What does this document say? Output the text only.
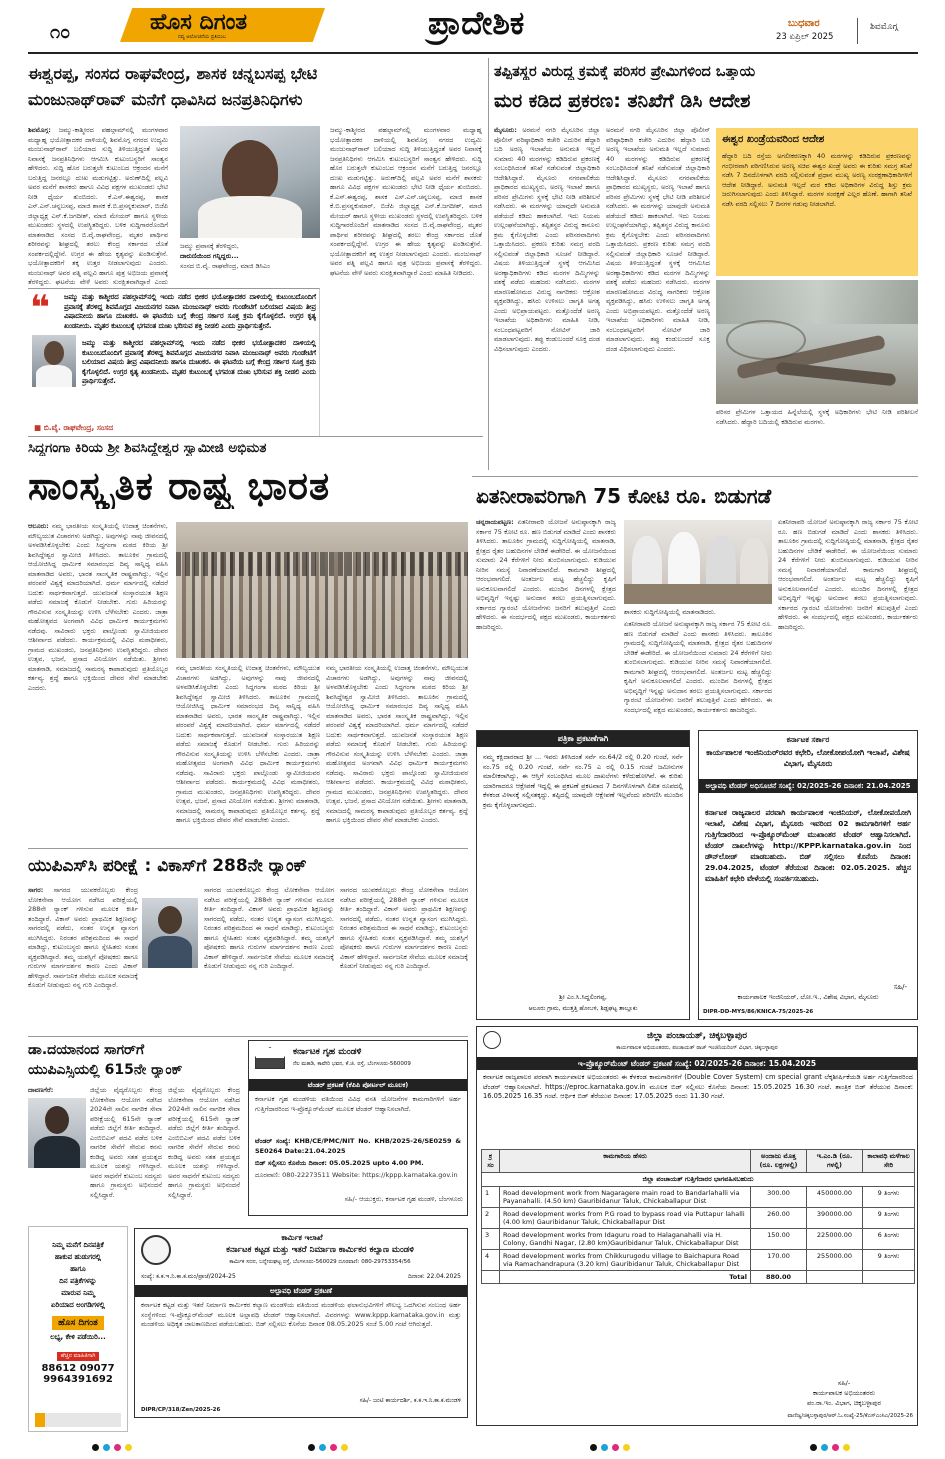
೧೦	ಹೊಸ ದಿಗಂತ
ನವ್ಯ ಆಲೋಚನೆಯ ಪ್ರತಿಬಿಂಬ	ಪ್ರಾದೇಶಿಕ	ಬುಧವಾರ
23 ಏಪ್ರಿಲ್ 2025
ಶಿವಮೊಗ್ಗ
ಈಶ್ವರಪ್ಪ, ಸಂಸದ ರಾಘವೇಂದ್ರ, ಶಾಸಕ ಚನ್ನಬಸಪ್ಪ ಭೇಟಿ
ಮಂಜುನಾಥ್‌ರಾವ್ ಮನೆಗೆ ಧಾವಿಸಿದ ಜನಪ್ರತಿನಿಧಿಗಳು
ಶಿವಮೊಗ್ಗ: ಜಮ್ಮು-ಕಾಶ್ಮೀರದ ಪಹಲ್ಗಾಮ್‌ನಲ್ಲಿ ಮಂಗಳವಾರ ಮಧ್ಯಾಹ್ನ ಭಯೋತ್ಪಾದಕರ ದಾಳಿಯಲ್ಲಿ ಶಿವಮೊಗ್ಗ ನಗರದ ಉದ್ಯಮಿ ಮಂಜುನಾಥ್‌ರಾವ್ ಬಲಿಯಾದ ಸುದ್ದಿ ತಿಳಿಯುತ್ತಿದ್ದಂತೆ ಅವರ ನಿವಾಸಕ್ಕೆ ಜನಪ್ರತಿನಿಧಿಗಳು ಆಗಮಿಸಿ ಕುಟುಂಬಸ್ಥರಿಗೆ ಸಾಂತ್ವನ ಹೇಳಿದರು. ಸುದ್ದಿ ಹೊರ ಬರುತ್ತಲೇ ಕುಟುಂಬದ ಆಕ್ರಂದನ ಮನೆಗೆ ಬರುತ್ತಿದ್ದ ಜನರಲ್ಲೂ ದುಃಖ ಮಡುಗಟ್ಟಿತ್ತು. ಅರುಣ್‌ದಿಲ್ಲಿ ಪಲ್ಲವಿ ಅವರ ಮನೆಗೆ ಶಾಸಕರು ಹಾಗೂ ವಿವಿಧ ಪಕ್ಷಗಳ ಮುಖಂಡರು ಭೇಟಿ ನೀಡಿ ಧೈರ್ಯ ತುಂಬಿದರು. ಕೆ.ಎಸ್.ಈಶ್ವರಪ್ಪ, ಶಾಸಕ ಎಸ್.ಎನ್.ಚನ್ನಬಸಪ್ಪ, ಮಾಜಿ ಶಾಸಕ ಕೆ.ಬಿ.ಪ್ರಸನ್ನಕುಮಾರ್, ಬಿಜೆಪಿ ಜಿಲ್ಲಾಧ್ಯಕ್ಷ ಎನ್.ಕೆ.ಜಗದೀಶ್, ಮಾಜಿ ಮೇಯರ್ ಹಾಗೂ ಸ್ಥಳೀಯ ಮುಖಂಡರು ಸ್ಥಳದಲ್ಲಿ ಉಪಸ್ಥಿತರಿದ್ದರು. ಬಳಿಕ ಸುದ್ದಿಗಾರರೊಂದಿಗೆ ಮಾತನಾಡಿದ ಸಂಸದ ಬಿ.ವೈ.ರಾಘವೇಂದ್ರ, ಮೃತರ ಪಾರ್ಥಿವ ಶರೀರವನ್ನು ಶೀಘ್ರದಲ್ಲಿ ತರಲು ಕೇಂದ್ರ ಸರ್ಕಾರದ ಜೊತೆ ಸಂಪರ್ಕದಲ್ಲಿದ್ದೇನೆ. ಉಗ್ರರ ಈ ಹೇಯ ಕೃತ್ಯವನ್ನು ಖಂಡಿಸುತ್ತೇನೆ. ಭಯೋತ್ಪಾದಕರಿಗೆ ತಕ್ಕ ಉತ್ತರ ನೀಡಲಾಗುವುದು ಎಂದರು. ಮಂಜುನಾಥ್ ಅವರ ಪತ್ನಿ ಪಲ್ಲವಿ ಹಾಗೂ ಪುತ್ರ ಅಭಿಜಯ ಪ್ರವಾಸಕ್ಕೆ ತೆರಳಿದ್ದರು. ಘಟನೆಯ ವೇಳೆ ಅವರು ಸುರಕ್ಷಿತವಾಗಿದ್ದಾರೆ ಎಂದು
ಜಮ್ಮು ಪ್ರವಾಸಕ್ಕೆ ತೆರಳಿದ್ದರು,
ದಾರುಣಿಯಿಂದ ಗನ್ನಿದ್ದರು...
ಸಂಸದ ಬಿ.ವೈ. ರಾಘವೇಂದ್ರ, ಮಾಜಿ ಡಿಸಿಎಂ
ಜಮ್ಮು-ಕಾಶ್ಮೀರದ ಪಹಲ್ಗಾಮ್‌ನಲ್ಲಿ ಮಂಗಳವಾರ ಮಧ್ಯಾಹ್ನ ಭಯೋತ್ಪಾದಕರ ದಾಳಿಯಲ್ಲಿ ಶಿವಮೊಗ್ಗ ನಗರದ ಉದ್ಯಮಿ ಮಂಜುನಾಥ್‌ರಾವ್ ಬಲಿಯಾದ ಸುದ್ದಿ ತಿಳಿಯುತ್ತಿದ್ದಂತೆ ಅವರ ನಿವಾಸಕ್ಕೆ ಜನಪ್ರತಿನಿಧಿಗಳು ಆಗಮಿಸಿ ಕುಟುಂಬಸ್ಥರಿಗೆ ಸಾಂತ್ವನ ಹೇಳಿದರು. ಸುದ್ದಿ ಹೊರ ಬರುತ್ತಲೇ ಕುಟುಂಬದ ಆಕ್ರಂದನ ಮನೆಗೆ ಬರುತ್ತಿದ್ದ ಜನರಲ್ಲೂ ದುಃಖ ಮಡುಗಟ್ಟಿತ್ತು. ಅರುಣ್‌ದಿಲ್ಲಿ ಪಲ್ಲವಿ ಅವರ ಮನೆಗೆ ಶಾಸಕರು ಹಾಗೂ ವಿವಿಧ ಪಕ್ಷಗಳ ಮುಖಂಡರು ಭೇಟಿ ನೀಡಿ ಧೈರ್ಯ ತುಂಬಿದರು. ಕೆ.ಎಸ್.ಈಶ್ವರಪ್ಪ, ಶಾಸಕ ಎಸ್.ಎನ್.ಚನ್ನಬಸಪ್ಪ, ಮಾಜಿ ಶಾಸಕ ಕೆ.ಬಿ.ಪ್ರಸನ್ನಕುಮಾರ್, ಬಿಜೆಪಿ ಜಿಲ್ಲಾಧ್ಯಕ್ಷ ಎನ್.ಕೆ.ಜಗದೀಶ್, ಮಾಜಿ ಮೇಯರ್ ಹಾಗೂ ಸ್ಥಳೀಯ ಮುಖಂಡರು ಸ್ಥಳದಲ್ಲಿ ಉಪಸ್ಥಿತರಿದ್ದರು. ಬಳಿಕ ಸುದ್ದಿಗಾರರೊಂದಿಗೆ ಮಾತನಾಡಿದ ಸಂಸದ ಬಿ.ವೈ.ರಾಘವೇಂದ್ರ, ಮೃತರ ಪಾರ್ಥಿವ ಶರೀರವನ್ನು ಶೀಘ್ರದಲ್ಲಿ ತರಲು ಕೇಂದ್ರ ಸರ್ಕಾರದ ಜೊತೆ ಸಂಪರ್ಕದಲ್ಲಿದ್ದೇನೆ. ಉಗ್ರರ ಈ ಹೇಯ ಕೃತ್ಯವನ್ನು ಖಂಡಿಸುತ್ತೇನೆ. ಭಯೋತ್ಪಾದಕರಿಗೆ ತಕ್ಕ ಉತ್ತರ ನೀಡಲಾಗುವುದು ಎಂದರು. ಮಂಜುನಾಥ್ ಅವರ ಪತ್ನಿ ಪಲ್ಲವಿ ಹಾಗೂ ಪುತ್ರ ಅಭಿಜಯ ಪ್ರವಾಸಕ್ಕೆ ತೆರಳಿದ್ದರು. ಘಟನೆಯ ವೇಳೆ ಅವರು ಸುರಕ್ಷಿತವಾಗಿದ್ದಾರೆ ಎಂದು ಮಾಹಿತಿ ನೀಡಿದರು.
❝ ಜಮ್ಮು ಮತ್ತು ಕಾಶ್ಮೀರದ ಪಹಲ್ಗಾಮ್‌ನಲ್ಲಿ ಇಂದು ನಡೆದ ಭೀಕರ ಭಯೋತ್ಪಾದಕರ ದಾಳಿಯಲ್ಲಿ ಕುಟುಂಬದೊಂದಿಗೆ ಪ್ರವಾಸಕ್ಕೆ ತೆರಳಿದ್ದ ಶಿವಮೊಗ್ಗದ ವಿಜಯನಗರ ನಿವಾಸಿ ಮಂಜುನಾಥ್ ಅವರು ಗುಂಡೇಟಿಗೆ ಬಲಿಯಾದ ವಿಷಯ ತೀವ್ರ ವಿಷಾದನೀಯ ಹಾಗೂ ದುಃಖಕರ. ಈ ಘಟನೆಯ ಬಗ್ಗೆ ಕೇಂದ್ರ ಸರ್ಕಾರ ಸೂಕ್ತ ಕ್ರಮ ಕೈಗೊಳ್ಳಲಿದೆ. ಉಗ್ರರ ಕೃತ್ಯ ಖಂಡನೀಯ. ಮೃತರ ಕುಟುಂಬಕ್ಕೆ ಭಗವಂತ ದುಃಖ ಭರಿಸುವ ಶಕ್ತಿ ನೀಡಲಿ ಎಂದು ಪ್ರಾರ್ಥಿಸುತ್ತೇನೆ.
ಜಮ್ಮು ಮತ್ತು ಕಾಶ್ಮೀರದ ಪಹಲ್ಗಾಮ್‌ನಲ್ಲಿ ಇಂದು ನಡೆದ ಭೀಕರ ಭಯೋತ್ಪಾದಕರ ದಾಳಿಯಲ್ಲಿ ಕುಟುಂಬದೊಂದಿಗೆ ಪ್ರವಾಸಕ್ಕೆ ತೆರಳಿದ್ದ ಶಿವಮೊಗ್ಗದ ವಿಜಯನಗರ ನಿವಾಸಿ ಮಂಜುನಾಥ್ ಅವರು ಗುಂಡೇಟಿಗೆ ಬಲಿಯಾದ ವಿಷಯ ತೀವ್ರ ವಿಷಾದನೀಯ ಹಾಗೂ ದುಃಖಕರ. ಈ ಘಟನೆಯ ಬಗ್ಗೆ ಕೇಂದ್ರ ಸರ್ಕಾರ ಸೂಕ್ತ ಕ್ರಮ ಕೈಗೊಳ್ಳಲಿದೆ. ಉಗ್ರರ ಕೃತ್ಯ ಖಂಡನೀಯ. ಮೃತರ ಕುಟುಂಬಕ್ಕೆ ಭಗವಂತ ದುಃಖ ಭರಿಸುವ ಶಕ್ತಿ ನೀಡಲಿ ಎಂದು ಪ್ರಾರ್ಥಿಸುತ್ತೇನೆ.
■ ಬಿ.ವೈ. ರಾಘವೇಂದ್ರ, ಸಂಸದ
ತಪ್ಪಿತಸ್ಥರ ವಿರುದ್ಧ ಕ್ರಮಕ್ಕೆ ಪರಿಸರ ಪ್ರೇಮಿಗಳಿಂದ ಒತ್ತಾಯ
ಮರ ಕಡಿದ ಪ್ರಕರಣ: ತನಿಖೆಗೆ ಡಿಸಿ ಆದೇಶ
ಮೈಸೂರು: ಅರಮನೆ ನಗರಿ ಮೈಸೂರಿನ ಜಿಲ್ಲಾ ಪೊಲೀಸ್ ವರಿಷ್ಠಾಧಿಕಾರಿ ಕಚೇರಿ ಎದುರಿನ ಹೆದ್ದಾರಿ ಬದಿ ಅರಣ್ಯ ಇಲಾಖೆಯ ಅನುಮತಿ ಇಲ್ಲದೆ ಸುಮಾರು 40 ಮರಗಳನ್ನು ಕಡಿದಿರುವ ಪ್ರಕರಣಕ್ಕೆ ಸಂಬಂಧಿಸಿದಂತೆ ತನಿಖೆ ನಡೆಸುವಂತೆ ಜಿಲ್ಲಾಧಿಕಾರಿ ಆದೇಶಿಸಿದ್ದಾರೆ. ಮೈಸೂರು ನಗರಪಾಲಿಕೆಯ ಪ್ರಾಧಿಕಾರದ ಮುಖ್ಯಸ್ಥರು, ಅರಣ್ಯ ಇಲಾಖೆ ಹಾಗೂ ಪರಿಸರ ಪ್ರೇಮಿಗಳು ಸ್ಥಳಕ್ಕೆ ಭೇಟಿ ನೀಡಿ ಪರಿಶೀಲನೆ ನಡೆಸಿದರು. ಈ ಮರಗಳನ್ನು ಯಾವುದೇ ಅನುಮತಿ ಪಡೆಯದೆ ಕಡಿದು ಹಾಕಲಾಗಿದೆ. ಇದು ನಿಯಮ ಉಲ್ಲಂಘನೆಯಾಗಿದ್ದು, ತಪ್ಪಿತಸ್ಥರ ವಿರುದ್ಧ ಕಾನೂನು ಕ್ರಮ ಕೈಗೊಳ್ಳಬೇಕು ಎಂದು ಪರಿಸರವಾದಿಗಳು ಒತ್ತಾಯಿಸಿದರು. ಪ್ರಕರಣ ಕುರಿತು ಸಮಗ್ರ ವರದಿ ಸಲ್ಲಿಸುವಂತೆ ಜಿಲ್ಲಾಧಿಕಾರಿ ಸೂಚನೆ ನೀಡಿದ್ದಾರೆ. ವಿಷಯ ತಿಳಿಯುತ್ತಿದ್ದಂತೆ ಸ್ಥಳಕ್ಕೆ ಆಗಮಿಸಿದ ಅರಣ್ಯಾಧಿಕಾರಿಗಳು ಕಡಿದ ಮರಗಳ ದಿಮ್ಮಿಗಳನ್ನು ವಶಕ್ಕೆ ಪಡೆದು ಮಹಜರು ನಡೆಸಿದರು. ಮರಗಳ ಮಾರಣಹೋಮದ ವಿರುದ್ಧ ನಾಗರಿಕರು ಆಕ್ರೋಶ ವ್ಯಕ್ತಪಡಿಸಿದ್ದು, ಹಸಿರು ಉಳಿಸಲು ಜಾಗೃತಿ ಅಗತ್ಯ ಎಂದು ಅಭಿಪ್ರಾಯಪಟ್ಟರು. ಮತ್ತೊಂದೆಡೆ ಅರಣ್ಯ ಇಲಾಖೆಯ ಅಧಿಕಾರಿಗಳು ಮಾಹಿತಿ ನೀಡಿ, ಸಂಬಂಧಪಟ್ಟವರಿಗೆ ನೋಟಿಸ್ ಜಾರಿ ಮಾಡಲಾಗುವುದು. ತಪ್ಪು ಕಂಡುಬಂದರೆ ಸೂಕ್ತ ದಂಡ ವಿಧಿಸಲಾಗುವುದು ಎಂದರು.
ಅರಮನೆ ನಗರಿ ಮೈಸೂರಿನ ಜಿಲ್ಲಾ ಪೊಲೀಸ್ ವರಿಷ್ಠಾಧಿಕಾರಿ ಕಚೇರಿ ಎದುರಿನ ಹೆದ್ದಾರಿ ಬದಿ ಅರಣ್ಯ ಇಲಾಖೆಯ ಅನುಮತಿ ಇಲ್ಲದೆ ಸುಮಾರು 40 ಮರಗಳನ್ನು ಕಡಿದಿರುವ ಪ್ರಕರಣಕ್ಕೆ ಸಂಬಂಧಿಸಿದಂತೆ ತನಿಖೆ ನಡೆಸುವಂತೆ ಜಿಲ್ಲಾಧಿಕಾರಿ ಆದೇಶಿಸಿದ್ದಾರೆ. ಮೈಸೂರು ನಗರಪಾಲಿಕೆಯ ಪ್ರಾಧಿಕಾರದ ಮುಖ್ಯಸ್ಥರು, ಅರಣ್ಯ ಇಲಾಖೆ ಹಾಗೂ ಪರಿಸರ ಪ್ರೇಮಿಗಳು ಸ್ಥಳಕ್ಕೆ ಭೇಟಿ ನೀಡಿ ಪರಿಶೀಲನೆ ನಡೆಸಿದರು. ಈ ಮರಗಳನ್ನು ಯಾವುದೇ ಅನುಮತಿ ಪಡೆಯದೆ ಕಡಿದು ಹಾಕಲಾಗಿದೆ. ಇದು ನಿಯಮ ಉಲ್ಲಂಘನೆಯಾಗಿದ್ದು, ತಪ್ಪಿತಸ್ಥರ ವಿರುದ್ಧ ಕಾನೂನು ಕ್ರಮ ಕೈಗೊಳ್ಳಬೇಕು ಎಂದು ಪರಿಸರವಾದಿಗಳು ಒತ್ತಾಯಿಸಿದರು. ಪ್ರಕರಣ ಕುರಿತು ಸಮಗ್ರ ವರದಿ ಸಲ್ಲಿಸುವಂತೆ ಜಿಲ್ಲಾಧಿಕಾರಿ ಸೂಚನೆ ನೀಡಿದ್ದಾರೆ. ವಿಷಯ ತಿಳಿಯುತ್ತಿದ್ದಂತೆ ಸ್ಥಳಕ್ಕೆ ಆಗಮಿಸಿದ ಅರಣ್ಯಾಧಿಕಾರಿಗಳು ಕಡಿದ ಮರಗಳ ದಿಮ್ಮಿಗಳನ್ನು ವಶಕ್ಕೆ ಪಡೆದು ಮಹಜರು ನಡೆಸಿದರು. ಮರಗಳ ಮಾರಣಹೋಮದ ವಿರುದ್ಧ ನಾಗರಿಕರು ಆಕ್ರೋಶ ವ್ಯಕ್ತಪಡಿಸಿದ್ದು, ಹಸಿರು ಉಳಿಸಲು ಜಾಗೃತಿ ಅಗತ್ಯ ಎಂದು ಅಭಿಪ್ರಾಯಪಟ್ಟರು. ಮತ್ತೊಂದೆಡೆ ಅರಣ್ಯ ಇಲಾಖೆಯ ಅಧಿಕಾರಿಗಳು ಮಾಹಿತಿ ನೀಡಿ, ಸಂಬಂಧಪಟ್ಟವರಿಗೆ ನೋಟಿಸ್ ಜಾರಿ ಮಾಡಲಾಗುವುದು. ತಪ್ಪು ಕಂಡುಬಂದರೆ ಸೂಕ್ತ ದಂಡ ವಿಧಿಸಲಾಗುವುದು ಎಂದರು.
ಈಶ್ವರ ಖಂಡ್ರೆಯವರಿಂದ ಆದೇಶ
ಹೆದ್ದಾರಿ ಬದಿ ರಸ್ತೆಯ ಅಗಲೀಕರಣಕ್ಕಾಗಿ 40 ಮರಗಳನ್ನು ಕಡಿದಿರುವ ಪ್ರಕರಣವನ್ನು ಗಂಭೀರವಾಗಿ ಪರಿಗಣಿಸಿರುವ ಅರಣ್ಯ ಸಚಿವ ಈಶ್ವರ ಖಂಡ್ರೆ ಅವರು ಈ ಕುರಿತು ಸಮಗ್ರ ತನಿಖೆ ನಡೆಸಿ 7 ದಿನದೊಳಗಾಗಿ ವರದಿ ಸಲ್ಲಿಸುವಂತೆ ಪ್ರಧಾನ ಮುಖ್ಯ ಅರಣ್ಯ ಸಂರಕ್ಷಣಾಧಿಕಾರಿಗಳಿಗೆ ಆದೇಶ ನೀಡಿದ್ದಾರೆ. ಅನುಮತಿ ಇಲ್ಲದೆ ಮರ ಕಡಿದ ಅಧಿಕಾರಿಗಳ ವಿರುದ್ಧ ಶಿಸ್ತು ಕ್ರಮ ಜರುಗಿಸಲಾಗುವುದು ಎಂದು ತಿಳಿಸಿದ್ದಾರೆ. ಮರಗಳ ಸಂರಕ್ಷಣೆ ಎಲ್ಲರ ಹೊಣೆ. ಹಾಗಾಗಿ ತನಿಖೆ ನಡೆಸಿ ವರದಿ ಸಲ್ಲಿಸಲು 7 ದಿನಗಳ ಗಡುವು ನೀಡಲಾಗಿದೆ.
ಪರಿಸರ ಪ್ರೇಮಿಗಳ ಒತ್ತಾಯದ ಹಿನ್ನೆಲೆಯಲ್ಲಿ ಸ್ಥಳಕ್ಕೆ ಅಧಿಕಾರಿಗಳು ಭೇಟಿ ನೀಡಿ ಪರಿಶೀಲನೆ ನಡೆಸಿದರು. ಹೆದ್ದಾರಿ ಬದಿಯಲ್ಲಿ ಕಡಿದಿರುವ ಮರಗಳು.
ಸಿದ್ಧಗಂಗಾ ಕಿರಿಯ ಶ್ರೀ ಶಿವಸಿದ್ದೇಶ್ವರ ಸ್ವಾಮೀಜಿ ಅಭಿಮತ
ಸಾಂಸ್ಕೃತಿಕ ರಾಷ್ಟ್ರ ಭಾರತ
ಆಲೂರು: ನಮ್ಮ ಭಾರತೀಯ ಸಂಸ್ಕೃತಿಯಲ್ಲಿ ಉದಾತ್ತ ಚಿಂತನೆಗಳು, ಮೌಲ್ಯಯುತ ವಿಚಾರಗಳು ಅಡಗಿದ್ದು, ಅವುಗಳನ್ನು ನಾವು ಜೀವನದಲ್ಲಿ ಅಳವಡಿಸಿಕೊಳ್ಳಬೇಕು ಎಂದು ಸಿದ್ಧಗಂಗಾ ಮಠದ ಕಿರಿಯ ಶ್ರೀ ಶಿವಸಿದ್ದೇಶ್ವರ ಸ್ವಾಮೀಜಿ ತಿಳಿಸಿದರು. ತಾಲೂಕಿನ ಗ್ರಾಮದಲ್ಲಿ ಆಯೋಜಿಸಿದ್ದ ಧಾರ್ಮಿಕ ಸಮಾರಂಭದ ದಿವ್ಯ ಸಾನ್ನಿಧ್ಯ ವಹಿಸಿ ಮಾತನಾಡಿದ ಅವರು, ಭಾರತ ಸಾಂಸ್ಕೃತಿಕ ರಾಷ್ಟ್ರವಾಗಿದ್ದು, ಇಲ್ಲಿನ ಪರಂಪರೆ ವಿಶ್ವಕ್ಕೆ ಮಾದರಿಯಾಗಿದೆ. ಧರ್ಮ ಮಾರ್ಗದಲ್ಲಿ ನಡೆದರೆ ಬದುಕು ಸಾರ್ಥಕವಾಗುತ್ತದೆ. ಯುವಜನತೆ ಸಂಸ್ಕಾರಯುತ ಶಿಕ್ಷಣ ಪಡೆದು ಸಮಾಜಕ್ಕೆ ಕೊಡುಗೆ ನೀಡಬೇಕು. ಗುರು ಹಿರಿಯರನ್ನು ಗೌರವಿಸುವ ಸಂಸ್ಕೃತಿಯನ್ನು ಉಳಿಸಿ ಬೆಳೆಸಬೇಕು ಎಂದರು. ಜಾತ್ರಾ ಮಹೋತ್ಸವದ ಅಂಗವಾಗಿ ವಿವಿಧ ಧಾರ್ಮಿಕ ಕಾರ್ಯಕ್ರಮಗಳು ನಡೆದವು. ಸಾವಿರಾರು ಭಕ್ತರು ಪಾಲ್ಗೊಂಡು ಸ್ವಾಮೀಜಿಯವರ ಆಶೀರ್ವಾದ ಪಡೆದರು. ಕಾರ್ಯಕ್ರಮದಲ್ಲಿ ವಿವಿಧ ಮಠಾಧೀಶರು, ಗ್ರಾಮದ ಮುಖಂಡರು, ಜನಪ್ರತಿನಿಧಿಗಳು ಉಪಸ್ಥಿತರಿದ್ದರು. ದೇವರ ಉತ್ಸವ, ಭಜನೆ, ಪ್ರಸಾದ ವಿನಿಯೋಗ ನಡೆಯಿತು. ಶ್ರೀಗಳು ಮಾತನಾಡಿ, ಸಮಾಜದಲ್ಲಿ ಸಾಮರಸ್ಯ ಕಾಪಾಡುವುದು ಪ್ರತಿಯೊಬ್ಬರ ಕರ್ತವ್ಯ. ಶ್ರದ್ಧೆ ಹಾಗೂ ಭಕ್ತಿಯಿಂದ ದೇವರ ಸೇವೆ ಮಾಡಬೇಕು ಎಂದರು.
ನಮ್ಮ ಭಾರತೀಯ ಸಂಸ್ಕೃತಿಯಲ್ಲಿ ಉದಾತ್ತ ಚಿಂತನೆಗಳು, ಮೌಲ್ಯಯುತ ವಿಚಾರಗಳು ಅಡಗಿದ್ದು, ಅವುಗಳನ್ನು ನಾವು ಜೀವನದಲ್ಲಿ ಅಳವಡಿಸಿಕೊಳ್ಳಬೇಕು ಎಂದು ಸಿದ್ಧಗಂಗಾ ಮಠದ ಕಿರಿಯ ಶ್ರೀ ಶಿವಸಿದ್ದೇಶ್ವರ ಸ್ವಾಮೀಜಿ ತಿಳಿಸಿದರು. ತಾಲೂಕಿನ ಗ್ರಾಮದಲ್ಲಿ ಆಯೋಜಿಸಿದ್ದ ಧಾರ್ಮಿಕ ಸಮಾರಂಭದ ದಿವ್ಯ ಸಾನ್ನಿಧ್ಯ ವಹಿಸಿ ಮಾತನಾಡಿದ ಅವರು, ಭಾರತ ಸಾಂಸ್ಕೃತಿಕ ರಾಷ್ಟ್ರವಾಗಿದ್ದು, ಇಲ್ಲಿನ ಪರಂಪರೆ ವಿಶ್ವಕ್ಕೆ ಮಾದರಿಯಾಗಿದೆ. ಧರ್ಮ ಮಾರ್ಗದಲ್ಲಿ ನಡೆದರೆ ಬದುಕು ಸಾರ್ಥಕವಾಗುತ್ತದೆ. ಯುವಜನತೆ ಸಂಸ್ಕಾರಯುತ ಶಿಕ್ಷಣ ಪಡೆದು ಸಮಾಜಕ್ಕೆ ಕೊಡುಗೆ ನೀಡಬೇಕು. ಗುರು ಹಿರಿಯರನ್ನು ಗೌರವಿಸುವ ಸಂಸ್ಕೃತಿಯನ್ನು ಉಳಿಸಿ ಬೆಳೆಸಬೇಕು ಎಂದರು. ಜಾತ್ರಾ ಮಹೋತ್ಸವದ ಅಂಗವಾಗಿ ವಿವಿಧ ಧಾರ್ಮಿಕ ಕಾರ್ಯಕ್ರಮಗಳು ನಡೆದವು. ಸಾವಿರಾರು ಭಕ್ತರು ಪಾಲ್ಗೊಂಡು ಸ್ವಾಮೀಜಿಯವರ ಆಶೀರ್ವಾದ ಪಡೆದರು. ಕಾರ್ಯಕ್ರಮದಲ್ಲಿ ವಿವಿಧ ಮಠಾಧೀಶರು, ಗ್ರಾಮದ ಮುಖಂಡರು, ಜನಪ್ರತಿನಿಧಿಗಳು ಉಪಸ್ಥಿತರಿದ್ದರು. ದೇವರ ಉತ್ಸವ, ಭಜನೆ, ಪ್ರಸಾದ ವಿನಿಯೋಗ ನಡೆಯಿತು. ಶ್ರೀಗಳು ಮಾತನಾಡಿ, ಸಮಾಜದಲ್ಲಿ ಸಾಮರಸ್ಯ ಕಾಪಾಡುವುದು ಪ್ರತಿಯೊಬ್ಬರ ಕರ್ತವ್ಯ. ಶ್ರದ್ಧೆ ಹಾಗೂ ಭಕ್ತಿಯಿಂದ ದೇವರ ಸೇವೆ ಮಾಡಬೇಕು ಎಂದರು.
ನಮ್ಮ ಭಾರತೀಯ ಸಂಸ್ಕೃತಿಯಲ್ಲಿ ಉದಾತ್ತ ಚಿಂತನೆಗಳು, ಮೌಲ್ಯಯುತ ವಿಚಾರಗಳು ಅಡಗಿದ್ದು, ಅವುಗಳನ್ನು ನಾವು ಜೀವನದಲ್ಲಿ ಅಳವಡಿಸಿಕೊಳ್ಳಬೇಕು ಎಂದು ಸಿದ್ಧಗಂಗಾ ಮಠದ ಕಿರಿಯ ಶ್ರೀ ಶಿವಸಿದ್ದೇಶ್ವರ ಸ್ವಾಮೀಜಿ ತಿಳಿಸಿದರು. ತಾಲೂಕಿನ ಗ್ರಾಮದಲ್ಲಿ ಆಯೋಜಿಸಿದ್ದ ಧಾರ್ಮಿಕ ಸಮಾರಂಭದ ದಿವ್ಯ ಸಾನ್ನಿಧ್ಯ ವಹಿಸಿ ಮಾತನಾಡಿದ ಅವರು, ಭಾರತ ಸಾಂಸ್ಕೃತಿಕ ರಾಷ್ಟ್ರವಾಗಿದ್ದು, ಇಲ್ಲಿನ ಪರಂಪರೆ ವಿಶ್ವಕ್ಕೆ ಮಾದರಿಯಾಗಿದೆ. ಧರ್ಮ ಮಾರ್ಗದಲ್ಲಿ ನಡೆದರೆ ಬದುಕು ಸಾರ್ಥಕವಾಗುತ್ತದೆ. ಯುವಜನತೆ ಸಂಸ್ಕಾರಯುತ ಶಿಕ್ಷಣ ಪಡೆದು ಸಮಾಜಕ್ಕೆ ಕೊಡುಗೆ ನೀಡಬೇಕು. ಗುರು ಹಿರಿಯರನ್ನು ಗೌರವಿಸುವ ಸಂಸ್ಕೃತಿಯನ್ನು ಉಳಿಸಿ ಬೆಳೆಸಬೇಕು ಎಂದರು. ಜಾತ್ರಾ ಮಹೋತ್ಸವದ ಅಂಗವಾಗಿ ವಿವಿಧ ಧಾರ್ಮಿಕ ಕಾರ್ಯಕ್ರಮಗಳು ನಡೆದವು. ಸಾವಿರಾರು ಭಕ್ತರು ಪಾಲ್ಗೊಂಡು ಸ್ವಾಮೀಜಿಯವರ ಆಶೀರ್ವಾದ ಪಡೆದರು. ಕಾರ್ಯಕ್ರಮದಲ್ಲಿ ವಿವಿಧ ಮಠಾಧೀಶರು, ಗ್ರಾಮದ ಮುಖಂಡರು, ಜನಪ್ರತಿನಿಧಿಗಳು ಉಪಸ್ಥಿತರಿದ್ದರು. ದೇವರ ಉತ್ಸವ, ಭಜನೆ, ಪ್ರಸಾದ ವಿನಿಯೋಗ ನಡೆಯಿತು. ಶ್ರೀಗಳು ಮಾತನಾಡಿ, ಸಮಾಜದಲ್ಲಿ ಸಾಮರಸ್ಯ ಕಾಪಾಡುವುದು ಪ್ರತಿಯೊಬ್ಬರ ಕರ್ತವ್ಯ. ಶ್ರದ್ಧೆ ಹಾಗೂ ಭಕ್ತಿಯಿಂದ ದೇವರ ಸೇವೆ ಮಾಡಬೇಕು ಎಂದರು.
ಏತನೀರಾವರಿಗಾಗಿ 75 ಕೋಟಿ ರೂ. ಬಿಡುಗಡೆ
ಚನ್ನರಾಯಪಟ್ಟಣ: ಏತನೀರಾವರಿ ಯೋಜನೆ ಅನುಷ್ಠಾನಕ್ಕಾಗಿ ರಾಜ್ಯ ಸರ್ಕಾರ 75 ಕೋಟಿ ರೂ. ಹಣ ಬಿಡುಗಡೆ ಮಾಡಿದೆ ಎಂದು ಶಾಸಕರು ತಿಳಿಸಿದರು. ತಾಲೂಕಿನ ಗ್ರಾಮದಲ್ಲಿ ಸುದ್ದಿಗೋಷ್ಠಿಯಲ್ಲಿ ಮಾತನಾಡಿ, ಕ್ಷೇತ್ರದ ರೈತರ ಬಹುದಿನಗಳ ಬೇಡಿಕೆ ಈಡೇರಿದೆ. ಈ ಯೋಜನೆಯಿಂದ ಸುಮಾರು 24 ಕೆರೆಗಳಿಗೆ ನೀರು ತುಂಬಿಸಲಾಗುವುದು. ಕುಡಿಯುವ ನೀರಿನ ಸಮಸ್ಯೆ ನಿವಾರಣೆಯಾಗಲಿದೆ. ಕಾಮಗಾರಿ ಶೀಘ್ರದಲ್ಲಿ ಆರಂಭವಾಗಲಿದೆ. ಅಂತರ್ಜಲ ಮಟ್ಟ ಹೆಚ್ಚಲಿದ್ದು ಕೃಷಿಗೆ ಅನುಕೂಲವಾಗಲಿದೆ ಎಂದರು. ಮುಂದಿನ ದಿನಗಳಲ್ಲಿ ಕ್ಷೇತ್ರದ ಅಭಿವೃದ್ಧಿಗೆ ಇನ್ನಷ್ಟು ಅನುದಾನ ತರಲು ಪ್ರಯತ್ನಿಸಲಾಗುವುದು. ಸರ್ಕಾರದ ಗ್ಯಾರಂಟಿ ಯೋಜನೆಗಳು ಜನರಿಗೆ ತಲುಪುತ್ತಿವೆ ಎಂದು ಹೇಳಿದರು. ಈ ಸಂದರ್ಭದಲ್ಲಿ ಪಕ್ಷದ ಮುಖಂಡರು, ಕಾರ್ಯಕರ್ತರು ಹಾಜರಿದ್ದರು.
ಶಾಸಕರು ಸುದ್ದಿಗೋಷ್ಠಿಯಲ್ಲಿ ಮಾತನಾಡಿದರು.
ಏತನೀರಾವರಿ ಯೋಜನೆ ಅನುಷ್ಠಾನಕ್ಕಾಗಿ ರಾಜ್ಯ ಸರ್ಕಾರ 75 ಕೋಟಿ ರೂ. ಹಣ ಬಿಡುಗಡೆ ಮಾಡಿದೆ ಎಂದು ಶಾಸಕರು ತಿಳಿಸಿದರು. ತಾಲೂಕಿನ ಗ್ರಾಮದಲ್ಲಿ ಸುದ್ದಿಗೋಷ್ಠಿಯಲ್ಲಿ ಮಾತನಾಡಿ, ಕ್ಷೇತ್ರದ ರೈತರ ಬಹುದಿನಗಳ ಬೇಡಿಕೆ ಈಡೇರಿದೆ. ಈ ಯೋಜನೆಯಿಂದ ಸುಮಾರು 24 ಕೆರೆಗಳಿಗೆ ನೀರು ತುಂಬಿಸಲಾಗುವುದು. ಕುಡಿಯುವ ನೀರಿನ ಸಮಸ್ಯೆ ನಿವಾರಣೆಯಾಗಲಿದೆ. ಕಾಮಗಾರಿ ಶೀಘ್ರದಲ್ಲಿ ಆರಂಭವಾಗಲಿದೆ. ಅಂತರ್ಜಲ ಮಟ್ಟ ಹೆಚ್ಚಲಿದ್ದು ಕೃಷಿಗೆ ಅನುಕೂಲವಾಗಲಿದೆ ಎಂದರು. ಮುಂದಿನ ದಿನಗಳಲ್ಲಿ ಕ್ಷೇತ್ರದ ಅಭಿವೃದ್ಧಿಗೆ ಇನ್ನಷ್ಟು ಅನುದಾನ ತರಲು ಪ್ರಯತ್ನಿಸಲಾಗುವುದು. ಸರ್ಕಾರದ ಗ್ಯಾರಂಟಿ ಯೋಜನೆಗಳು ಜನರಿಗೆ ತಲುಪುತ್ತಿವೆ ಎಂದು ಹೇಳಿದರು. ಈ ಸಂದರ್ಭದಲ್ಲಿ ಪಕ್ಷದ ಮುಖಂಡರು, ಕಾರ್ಯಕರ್ತರು ಹಾಜರಿದ್ದರು.
ಏತನೀರಾವರಿ ಯೋಜನೆ ಅನುಷ್ಠಾನಕ್ಕಾಗಿ ರಾಜ್ಯ ಸರ್ಕಾರ 75 ಕೋಟಿ ರೂ. ಹಣ ಬಿಡುಗಡೆ ಮಾಡಿದೆ ಎಂದು ಶಾಸಕರು ತಿಳಿಸಿದರು. ತಾಲೂಕಿನ ಗ್ರಾಮದಲ್ಲಿ ಸುದ್ದಿಗೋಷ್ಠಿಯಲ್ಲಿ ಮಾತನಾಡಿ, ಕ್ಷೇತ್ರದ ರೈತರ ಬಹುದಿನಗಳ ಬೇಡಿಕೆ ಈಡೇರಿದೆ. ಈ ಯೋಜನೆಯಿಂದ ಸುಮಾರು 24 ಕೆರೆಗಳಿಗೆ ನೀರು ತುಂಬಿಸಲಾಗುವುದು. ಕುಡಿಯುವ ನೀರಿನ ಸಮಸ್ಯೆ ನಿವಾರಣೆಯಾಗಲಿದೆ. ಕಾಮಗಾರಿ ಶೀಘ್ರದಲ್ಲಿ ಆರಂಭವಾಗಲಿದೆ. ಅಂತರ್ಜಲ ಮಟ್ಟ ಹೆಚ್ಚಲಿದ್ದು ಕೃಷಿಗೆ ಅನುಕೂಲವಾಗಲಿದೆ ಎಂದರು. ಮುಂದಿನ ದಿನಗಳಲ್ಲಿ ಕ್ಷೇತ್ರದ ಅಭಿವೃದ್ಧಿಗೆ ಇನ್ನಷ್ಟು ಅನುದಾನ ತರಲು ಪ್ರಯತ್ನಿಸಲಾಗುವುದು. ಸರ್ಕಾರದ ಗ್ಯಾರಂಟಿ ಯೋಜನೆಗಳು ಜನರಿಗೆ ತಲುಪುತ್ತಿವೆ ಎಂದು ಹೇಳಿದರು. ಈ ಸಂದರ್ಭದಲ್ಲಿ ಪಕ್ಷದ ಮುಖಂಡರು, ಕಾರ್ಯಕರ್ತರು ಹಾಜರಿದ್ದರು.
ಪತ್ರಿಕಾ ಪ್ರಕಟಣೆಗಾಗಿ
ನಮ್ಮ ಕಕ್ಷಿದಾರರಾದ ಶ್ರೀ ... ಇವರು ತಿಳಿಸಿದಂತೆ ಸರ್ವೆ ನಂ.64/2 ರಲ್ಲಿ 0.20 ಗುಂಟೆ, ಸರ್ವೆ ನಂ.75 ರಲ್ಲಿ 0.20 ಗುಂಟೆ, ಸರ್ವೆ ನಂ.75 ಎ ರಲ್ಲಿ 0.15 ಗುಂಟೆ ಜಮೀನುಗಳ ಮಾಲೀಕರಾಗಿದ್ದು, ಈ ಆಸ್ತಿಗೆ ಸಂಬಂಧಿಸಿದ ಮೂಲ ದಾಖಲೆಗಳು ಕಳೆದುಹೋಗಿವೆ. ಈ ಕುರಿತು ಯಾರಿಗಾದರೂ ಆಕ್ಷೇಪಣೆ ಇದ್ದಲ್ಲಿ ಈ ಪ್ರಕಟಣೆ ಪ್ರಕಟವಾದ 7 ದಿನಗಳೊಳಗಾಗಿ ಲಿಖಿತ ರೂಪದಲ್ಲಿ ಕೆಳಕಂಡ ವಿಳಾಸಕ್ಕೆ ಸಲ್ಲಿಸತಕ್ಕದ್ದು. ತಪ್ಪಿದಲ್ಲಿ ಯಾವುದೇ ಆಕ್ಷೇಪಣೆ ಇಲ್ಲವೆಂದು ಪರಿಗಣಿಸಿ ಮುಂದಿನ ಕ್ರಮ ಕೈಗೊಳ್ಳಲಾಗುವುದು.
ಶ್ರೀ ಎಂ.ಸಿ.ಸಿದ್ದಲಿಂಗಪ್ಪ,
ಆಲೂರು ಗ್ರಾಮ, ಮುತ್ತತ್ತಿ ಹೋಬಳಿ, ಶಿಡ್ಲಘಟ್ಟ ತಾಲ್ಲೂಕು
ಕರ್ನಾಟಕ ಸರ್ಕಾರ
ಕಾರ್ಯಪಾಲಕ ಇಂಜಿನಿಯರ್‌ರವರ ಕಛೇರಿ, ಲೋಕೋಪಯೋಗಿ ಇಲಾಖೆ, ವಿಶೇಷ ವಿಭಾಗ, ಮೈಸೂರು
ಅಲ್ಪಾವಧಿ ಟೆಂಡರ್ ಅಧಿಸೂಚನೆ ಸಂಖ್ಯೆ: 02/2025-26 ದಿನಾಂಕ: 21.04.2025
ಕರ್ನಾಟಕ ರಾಜ್ಯಪಾಲರ ಪರವಾಗಿ ಕಾರ್ಯಪಾಲಕ ಇಂಜಿನಿಯರ್, ಲೋಕೋಪಯೋಗಿ ಇಲಾಖೆ, ವಿಶೇಷ ವಿಭಾಗ, ಮೈಸೂರು ಇವರಿಂದ 02 ಕಾಮಗಾರಿಗಳಿಗೆ ಅರ್ಹ ಗುತ್ತಿಗೆದಾರರಿಂದ ಇ-ಪ್ರೊಕ್ಯೂರ್‌ಮೆಂಟ್ ಮುಖಾಂತರ ಟೆಂಡರ್ ಆಹ್ವಾನಿಸಲಾಗಿದೆ. ಟೆಂಡರ್ ದಾಖಲೆಗಳನ್ನು http://KPPP.karnataka.gov.in ನಿಂದ ಡೌನ್‌ಲೋಡ್ ಮಾಡಬಹುದು. ಬಿಡ್ ಸಲ್ಲಿಸಲು ಕೊನೆಯ ದಿನಾಂಕ: 29.04.2025, ಟೆಂಡರ್ ತೆರೆಯುವ ದಿನಾಂಕ: 02.05.2025. ಹೆಚ್ಚಿನ ಮಾಹಿತಿಗೆ ಕಛೇರಿ ವೇಳೆಯಲ್ಲಿ ಸಂಪರ್ಕಿಸಬಹುದು.
ಸಹಿ/-
ಕಾರ್ಯಪಾಲಕ ಇಂಜಿನಿಯರ್, ಲೋ.ಇ., ವಿಶೇಷ ವಿಭಾಗ, ಮೈಸೂರು
DIPR-DD-MYS/86/KNICA-75/2025-26
ಯುಪಿಎಸ್‌ಸಿ ಪರೀಕ್ಷೆ : ವಿಕಾಸ್‌ಗೆ 288ನೇ ರ್‍ಯಾಂಕ್
ಸಾಗರ: ಸಾಗರದ ಯುವಕರೊಬ್ಬರು ಕೇಂದ್ರ ಲೋಕಸೇವಾ ಆಯೋಗ ನಡೆಸಿದ ಪರೀಕ್ಷೆಯಲ್ಲಿ 288ನೇ ರ್‍ಯಾಂಕ್ ಗಳಿಸುವ ಮೂಲಕ ಕೀರ್ತಿ ತಂದಿದ್ದಾರೆ. ವಿಕಾಸ್ ಅವರು ಪ್ರಾಥಮಿಕ ಶಿಕ್ಷಣವನ್ನು ಸಾಗರದಲ್ಲಿ ಪಡೆದು, ನಂತರ ಉನ್ನತ ವ್ಯಾಸಂಗ ಮುಗಿಸಿದ್ದರು. ನಿರಂತರ ಪರಿಶ್ರಮದಿಂದ ಈ ಸಾಧನೆ ಮಾಡಿದ್ದು, ಕುಟುಂಬಸ್ಥರು ಹಾಗೂ ಸ್ನೇಹಿತರು ಸಂತಸ ವ್ಯಕ್ತಪಡಿಸಿದ್ದಾರೆ. ತಮ್ಮ ಯಶಸ್ಸಿಗೆ ಪೋಷಕರು ಹಾಗೂ ಗುರುಗಳ ಮಾರ್ಗದರ್ಶನ ಕಾರಣ ಎಂದು ವಿಕಾಸ್ ಹೇಳಿದ್ದಾರೆ. ಸಾರ್ವಜನಿಕ ಸೇವೆಯ ಮೂಲಕ ಸಮಾಜಕ್ಕೆ ಕೊಡುಗೆ ನೀಡುವುದು ನನ್ನ ಗುರಿ ಎಂದಿದ್ದಾರೆ.
ಸಾಗರದ ಯುವಕರೊಬ್ಬರು ಕೇಂದ್ರ ಲೋಕಸೇವಾ ಆಯೋಗ ನಡೆಸಿದ ಪರೀಕ್ಷೆಯಲ್ಲಿ 288ನೇ ರ್‍ಯಾಂಕ್ ಗಳಿಸುವ ಮೂಲಕ ಕೀರ್ತಿ ತಂದಿದ್ದಾರೆ. ವಿಕಾಸ್ ಅವರು ಪ್ರಾಥಮಿಕ ಶಿಕ್ಷಣವನ್ನು ಸಾಗರದಲ್ಲಿ ಪಡೆದು, ನಂತರ ಉನ್ನತ ವ್ಯಾಸಂಗ ಮುಗಿಸಿದ್ದರು. ನಿರಂತರ ಪರಿಶ್ರಮದಿಂದ ಈ ಸಾಧನೆ ಮಾಡಿದ್ದು, ಕುಟುಂಬಸ್ಥರು ಹಾಗೂ ಸ್ನೇಹಿತರು ಸಂತಸ ವ್ಯಕ್ತಪಡಿಸಿದ್ದಾರೆ. ತಮ್ಮ ಯಶಸ್ಸಿಗೆ ಪೋಷಕರು ಹಾಗೂ ಗುರುಗಳ ಮಾರ್ಗದರ್ಶನ ಕಾರಣ ಎಂದು ವಿಕಾಸ್ ಹೇಳಿದ್ದಾರೆ. ಸಾರ್ವಜನಿಕ ಸೇವೆಯ ಮೂಲಕ ಸಮಾಜಕ್ಕೆ ಕೊಡುಗೆ ನೀಡುವುದು ನನ್ನ ಗುರಿ ಎಂದಿದ್ದಾರೆ.
ಸಾಗರದ ಯುವಕರೊಬ್ಬರು ಕೇಂದ್ರ ಲೋಕಸೇವಾ ಆಯೋಗ ನಡೆಸಿದ ಪರೀಕ್ಷೆಯಲ್ಲಿ 288ನೇ ರ್‍ಯಾಂಕ್ ಗಳಿಸುವ ಮೂಲಕ ಕೀರ್ತಿ ತಂದಿದ್ದಾರೆ. ವಿಕಾಸ್ ಅವರು ಪ್ರಾಥಮಿಕ ಶಿಕ್ಷಣವನ್ನು ಸಾಗರದಲ್ಲಿ ಪಡೆದು, ನಂತರ ಉನ್ನತ ವ್ಯಾಸಂಗ ಮುಗಿಸಿದ್ದರು. ನಿರಂತರ ಪರಿಶ್ರಮದಿಂದ ಈ ಸಾಧನೆ ಮಾಡಿದ್ದು, ಕುಟುಂಬಸ್ಥರು ಹಾಗೂ ಸ್ನೇಹಿತರು ಸಂತಸ ವ್ಯಕ್ತಪಡಿಸಿದ್ದಾರೆ. ತಮ್ಮ ಯಶಸ್ಸಿಗೆ ಪೋಷಕರು ಹಾಗೂ ಗುರುಗಳ ಮಾರ್ಗದರ್ಶನ ಕಾರಣ ಎಂದು ವಿಕಾಸ್ ಹೇಳಿದ್ದಾರೆ. ಸಾರ್ವಜನಿಕ ಸೇವೆಯ ಮೂಲಕ ಸಮಾಜಕ್ಕೆ ಕೊಡುಗೆ ನೀಡುವುದು ನನ್ನ ಗುರಿ ಎಂದಿದ್ದಾರೆ.
ಡಾ.ದಯಾನಂದ ಸಾಗರ್‌ಗೆ
ಯುಪಿಎಸ್ಸಿಯಲ್ಲಿ 615ನೇ ರ್‍ಯಾಂಕ್
ದಾವಣಗೆರೆ:	ಜಿಲ್ಲೆಯ ವೈದ್ಯರೊಬ್ಬರು ಕೇಂದ್ರ ಲೋಕಸೇವಾ ಆಯೋಗ ನಡೆಸಿದ 2024ನೇ ಸಾಲಿನ ನಾಗರಿಕ ಸೇವಾ ಪರೀಕ್ಷೆಯಲ್ಲಿ 615ನೇ ರ್‍ಯಾಂಕ್ ಪಡೆದು ಜಿಲ್ಲೆಗೆ ಕೀರ್ತಿ ತಂದಿದ್ದಾರೆ. ಎಂಬಿಬಿಎಸ್ ಪದವಿ ಪಡೆದ ಬಳಿಕ ನಾಗರಿಕ ಸೇವೆಗೆ ಸೇರುವ ಕನಸು ಕಂಡಿದ್ದ ಅವರು ಸತತ ಪ್ರಯತ್ನದ ಮೂಲಕ ಯಶಸ್ಸು ಗಳಿಸಿದ್ದಾರೆ. ಅವರ ಸಾಧನೆಗೆ ಕುಟುಂಬ ಸದಸ್ಯರು ಹಾಗೂ ಗ್ರಾಮಸ್ಥರು ಅಭಿನಂದನೆ ಸಲ್ಲಿಸಿದ್ದಾರೆ.
ಜಿಲ್ಲೆಯ ವೈದ್ಯರೊಬ್ಬರು ಕೇಂದ್ರ ಲೋಕಸೇವಾ ಆಯೋಗ ನಡೆಸಿದ 2024ನೇ ಸಾಲಿನ ನಾಗರಿಕ ಸೇವಾ ಪರೀಕ್ಷೆಯಲ್ಲಿ 615ನೇ ರ್‍ಯಾಂಕ್ ಪಡೆದು ಜಿಲ್ಲೆಗೆ ಕೀರ್ತಿ ತಂದಿದ್ದಾರೆ. ಎಂಬಿಬಿಎಸ್ ಪದವಿ ಪಡೆದ ಬಳಿಕ ನಾಗರಿಕ ಸೇವೆಗೆ ಸೇರುವ ಕನಸು ಕಂಡಿದ್ದ ಅವರು ಸತತ ಪ್ರಯತ್ನದ ಮೂಲಕ ಯಶಸ್ಸು ಗಳಿಸಿದ್ದಾರೆ. ಅವರ ಸಾಧನೆಗೆ ಕುಟುಂಬ ಸದಸ್ಯರು ಹಾಗೂ ಗ್ರಾಮಸ್ಥರು ಅಭಿನಂದನೆ ಸಲ್ಲಿಸಿದ್ದಾರೆ.
ಕರ್ನಾಟಕ ಗೃಹ ಮಂಡಳಿ
ನೆಲ ಮಹಡಿ, ಕಾವೇರಿ ಭವನ, ಕೆ.ಜಿ. ರಸ್ತೆ, ಬೆಂಗಳೂರು-560009
ಟೆಂಡರ್ ಪ್ರಕಟಣೆ (ಕೆಪಿಪಿ ಪೋರ್ಟಲ್ ಮೂಲಕ)
ಕರ್ನಾಟಕ ಗೃಹ ಮಂಡಳಿಯ ವತಿಯಿಂದ ವಿವಿಧ ವಸತಿ ಯೋಜನೆಗಳ ಕಾಮಗಾರಿಗಳಿಗೆ ಅರ್ಹ ಗುತ್ತಿಗೆದಾರರಿಂದ ಇ-ಪ್ರೊಕ್ಯೂರ್‌ಮೆಂಟ್ ಮೂಲಕ ಟೆಂಡರ್ ಆಹ್ವಾನಿಸಲಾಗಿದೆ.
ಟೆಂಡರ್ ಸಂಖ್ಯೆ: KHB/CE/PMC/NIT No. KHB/2025-26/SE0259 & SE0264 Date:21.04.2025
ಬಿಡ್ ಸಲ್ಲಿಸಲು ಕೊನೆಯ ದಿನಾಂಕ: 05.05.2025 upto 4.00 PM.
ದೂರವಾಣಿ: 080-22273511 Website: https://kppp.karnataka.gov.in
ಸಹಿ/- ಆಯುಕ್ತರು, ಕರ್ನಾಟಕ ಗೃಹ ಮಂಡಳಿ, ಬೆಂಗಳೂರು
ನಿಮ್ಮ ಮನೆಗೆ ದಿನಪತ್ರಿಕೆ
ಹಾಕುವ ಹುಡುಗರಲ್ಲಿ
ಹಾಗೂ
ದಿನ ಪತ್ರಿಕೆಗಳನ್ನು
ಮಾರುವ ನಿಮ್ಮ
ಏರಿಯಾದ ಅಂಗಡಿಗಳಲ್ಲಿ
ಹೊಸ ದಿಗಂತ
ಲಭ್ಯ, ಕೇಳಿ ಪಡೆಯಿರಿ...
ಹೆಚ್ಚಿನ ಮಾಹಿತಿಗಾಗಿ
88612 09077
9964391692
ಕಾರ್ಮಿಕ ಇಲಾಖೆ
ಕರ್ನಾಟಕ ಕಟ್ಟಡ ಮತ್ತು ಇತರೆ ನಿರ್ಮಾಣ ಕಾರ್ಮಿಕರ ಕಲ್ಯಾಣ ಮಂಡಳಿ
ಕಾರ್ಮಿಕ ಸದನ, ಬನ್ನೇರುಘಟ್ಟ ರಸ್ತೆ, ಬೆಂಗಳೂರು-560029 ದೂರವಾಣಿ: 080-29753354/56
ಸಂಖ್ಯೆ: ಕ.ಕ.ಇ.ನಿ.ಕಾ.ಕ.ಮಂ/ಪ್ರಾಜೆ/2024-25	ದಿನಾಂಕ: 22.04.2025
ಅಲ್ಪಾವಧಿ ಟೆಂಡರ್ ಪ್ರಕಟಣೆ
ಕರ್ನಾಟಕ ಕಟ್ಟಡ ಮತ್ತು ಇತರೆ ನಿರ್ಮಾಣ ಕಾರ್ಮಿಕರ ಕಲ್ಯಾಣ ಮಂಡಳಿಯ ವತಿಯಿಂದ ಮಂಡಳಿಯ ಫಲಾನುಭವಿಗಳಿಗೆ ಸೌಲಭ್ಯ ಒದಗಿಸುವ ಸಂಬಂಧ ಅರ್ಹ ಸಂಸ್ಥೆಗಳಿಂದ ಇ-ಪ್ರೊಕ್ಯೂರ್‌ಮೆಂಟ್ ಮೂಲಕ ಅಲ್ಪಾವಧಿ ಟೆಂಡರ್ ಆಹ್ವಾನಿಸಲಾಗಿದೆ. ವಿವರಗಳನ್ನು www.kppp.karnataka.gov.in ಮತ್ತು ಮಂಡಳಿಯ ಅಧಿಕೃತ ಜಾಲತಾಣದಿಂದ ಪಡೆಯಬಹುದು. ಬಿಡ್ ಸಲ್ಲಿಸಲು ಕೊನೆಯ ದಿನಾಂಕ 08.05.2025 ಸಂಜೆ 5.00 ಗಂಟೆ ಆಗಿರುತ್ತದೆ.
ಸಹಿ/- ಜಂಟಿ ಕಾರ್ಯದರ್ಶಿ, ಕ.ಕ.ಇ.ನಿ.ಕಾ.ಕ.ಮಂಡಳಿ
DIPR/CP/318/Zen/2025-26
ಜಿಲ್ಲಾ ಪಂಚಾಯತ್, ಚಿಕ್ಕಬಳ್ಳಾಪುರ
ಕಾರ್ಯಪಾಲಕ ಅಭಿಯಂತರರು, ಪಂಚಾಯತ್ ರಾಜ್ ಇಂಜಿನಿಯರಿಂಗ್ ವಿಭಾಗ, ಚಿಕ್ಕಬಳ್ಳಾಪುರ
ಇ-ಪ್ರೊಕ್ಯೂರ್‌ಮೆಂಟ್ ಟೆಂಡರ್ ಪ್ರಕಟಣೆ ಸಂಖ್ಯೆ: 02/2025-26 ದಿನಾಂಕ: 15.04.2025
ಕರ್ನಾಟಕ ರಾಜ್ಯಪಾಲರ ಪರವಾಗಿ ಕಾರ್ಯಪಾಲಕ ಅಭಿಯಂತರರು ಈ ಕೆಳಕಂಡ ಕಾಮಗಾರಿಗಳಿಗೆ (Double Cover System) cm special grant ಲೆಕ್ಕಶೀರ್ಷಿಕೆಯಡಿ ಅರ್ಹ ಗುತ್ತಿಗೆದಾರರಿಂದ ಟೆಂಡರ್ ಆಹ್ವಾನಿಸಲಾಗಿದೆ. https://eproc.karnataka.gov.in ಮೂಲಕ ಬಿಡ್ ಸಲ್ಲಿಸಲು ಕೊನೆಯ ದಿನಾಂಕ: 15.05.2025 16.30 ಗಂಟೆ. ತಾಂತ್ರಿಕ ಬಿಡ್ ತೆರೆಯುವ ದಿನಾಂಕ: 16.05.2025 16.35 ಗಂಟೆ. ಆರ್ಥಿಕ ಬಿಡ್ ತೆರೆಯುವ ದಿನಾಂಕ: 17.05.2025 ರಂದು 11.30 ಗಂಟೆ.
ಕ್ರ ಸಂ	ಕಾಮಗಾರಿಯ ಹೆಸರು	ಅಂದಾಜು ಮೊತ್ತ (ರೂ. ಲಕ್ಷಗಳಲ್ಲಿ)	ಇ.ಎಂ.ಡಿ (ರೂ. ಗಳಲ್ಲಿ)	ಕಾಲಾವಧಿ ಮಳೆಗಾಲ ಸೇರಿ
ಜಿಲ್ಲಾ ಪಂಚಾಯತ್ ಗುತ್ತಿಗೆದಾರರ ಭಾಗವಹಿಸಬಹುದು				
1	Road development work from Nagaragere main road to Bandarlahalli via Payanahalli. (4.50 km) Gauribidanur Taluk, Chickaballapur Dist	300.00	450000.00	9 ತಿಂಗಳು
2	Road development works from P.G road to bypass road via Puttapur lahalli (4.00 km) Gauribidanur Taluk, Chickaballapur Dist	260.00	390000.00	9 ತಿಂಗಳು
3	Road development works from Idaguru road to Halaganahalli via H. Colony, Gandhi Nagar, (2.80 km)Gauribidanur Taluk, Chickaballapur Dist	150.00	225000.00	6 ತಿಂಗಳು
4	Road development works from Chikkurugodu village to Baichapura Road via Ramachandrapura (3.20 km) Gauribidanur Taluk, Chickaballapur Dist	170.00	255000.00	9 ತಿಂಗಳು
	Total	880.00		
ಸಹಿ/-
ಕಾರ್ಯಪಾಲಕ ಅಭಿಯಂತರರು
ಪಂ.ರಾ.ಇಂ. ವಿಭಾಗ, ಚಿಕ್ಕಬಳ್ಳಾಪುರ
ವಾಣಿಜ್ಯ/ಚಿಕ್ಕಬಳ್ಳಾಪುರ/ಆರ್.ಓ.ಸಂಖ್ಯೆ-25/ಕೆಎಸ್‌ಎಂಸಿಎ/2025-26
